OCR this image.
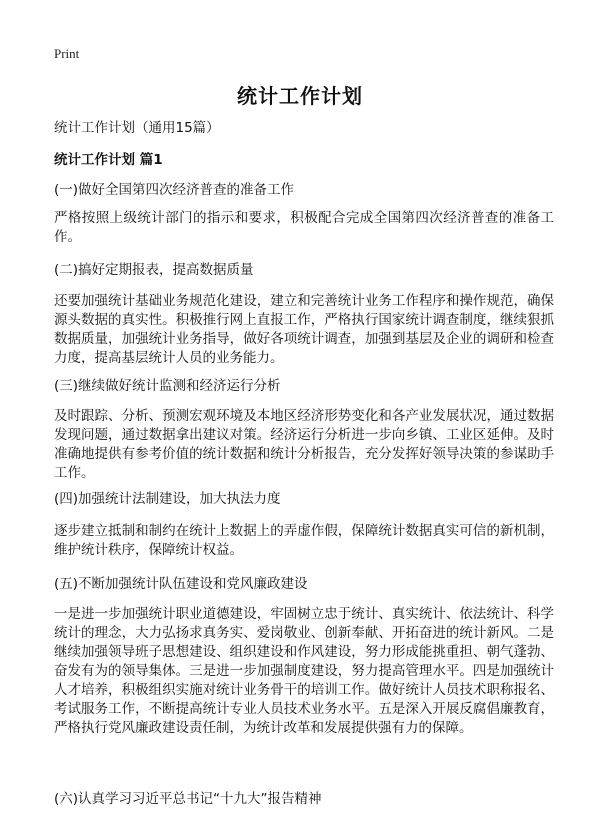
Print
统计工作计划

统计工作计划（通用15篇）

统计工作计划 篇1

(一)做好全国第四次经济普查的准备工作

严格按照上级统计部门的指示和要求，积极配合完成全国第四次经济普查的准备工作。

(二)搞好定期报表，提高数据质量

还要加强统计基础业务规范化建设，建立和完善统计业务工作程序和操作规范，确保源头数据的真实性。积极推行网上直报工作，严格执行国家统计调查制度，继续狠抓数据质量，加强统计业务指导，做好各项统计调查，加强到基层及企业的调研和检查力度，提高基层统计人员的业务能力。

(三)继续做好统计监测和经济运行分析

及时跟踪、分析、预测宏观环境及本地区经济形势变化和各产业发展状况，通过数据发现问题，通过数据拿出建议对策。经济运行分析进一步向乡镇、工业区延伸。及时准确地提供有参考价值的统计数据和统计分析报告，充分发挥好领导决策的参谋助手工作。

(四)加强统计法制建设，加大执法力度

逐步建立抵制和制约在统计上数据上的弄虚作假，保障统计数据真实可信的新机制，维护统计秩序，保障统计权益。

(五)不断加强统计队伍建设和党风廉政建设

一是进一步加强统计职业道德建设，牢固树立忠于统计、真实统计、依法统计、科学统计的理念，大力弘扬求真务实、爱岗敬业、创新奉献、开拓奋进的统计新风。二是继续加强领导班子思想建设、组织建设和作风建设，努力形成能挑重担、朝气蓬勃、奋发有为的领导集体。三是进一步加强制度建设，努力提高管理水平。四是加强统计人才培养，积极组织实施对统计业务骨干的培训工作。做好统计人员技术职称报名、考试服务工作，不断提高统计专业人员技术业务水平。五是深入开展反腐倡廉教育，严格执行党风廉政建设责任制，为统计改革和发展提供强有力的保障。

(六)认真学习习近平总书记“十九大”报告精神
